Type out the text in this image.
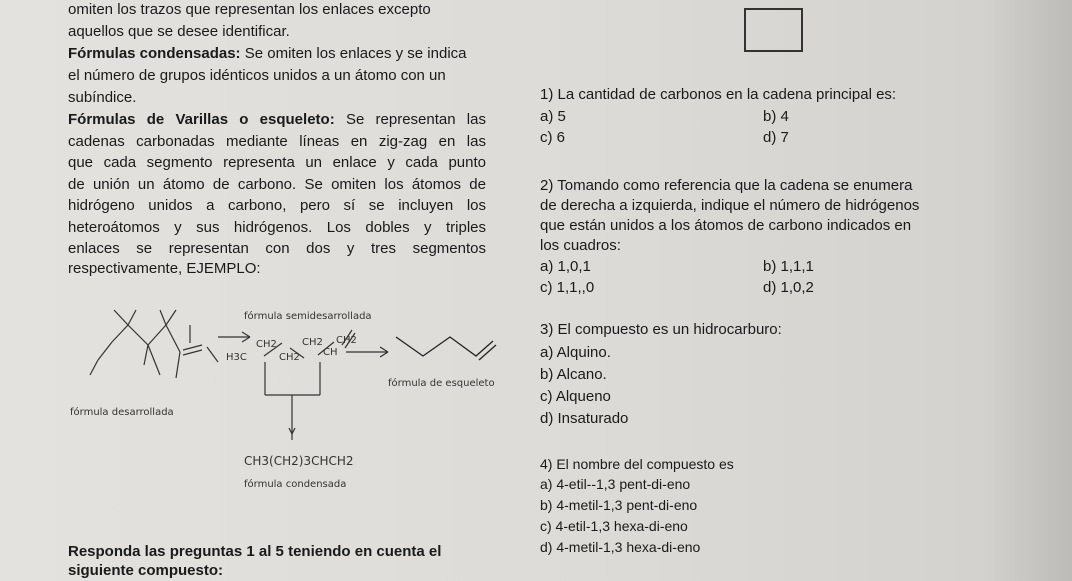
omiten los trazos que representan los enlaces excepto
aquellos que se desee identificar.
Fórmulas condensadas: Se omiten los enlaces y se indica
el número de grupos idénticos unidos a un átomo con un
subíndice.
Fórmulas de Varillas o esqueleto: Se representan las
cadenas carbonadas mediante líneas en zig-zag en las
que cada segmento representa un enlace y cada punto
de unión un átomo de carbono. Se omiten los átomos de
hidrógeno unidos a carbono, pero sí se incluyen los
heteroátomos y sus hidrógenos. Los dobles y triples
enlaces se representan con dos y tres segmentos
respectivamente, EJEMPLO:
fórmula semidesarrollada
CH2	CH2 CH2
H3C	CH2 CH
fórmula de esqueleto
fórmula desarrollada
CH3(CH2)3CHCH2
fórmula condensada
Responda las preguntas 1 al 5 teniendo en cuenta el
siguiente compuesto:
1) La cantidad de carbonos en la cadena principal es:
a) 5	b) 4
c) 6	d) 7
2) Tomando como referencia que la cadena se enumera
de derecha a izquierda, indique el número de hidrógenos
que están unidos a los átomos de carbono indicados en
los cuadros:
a) 1,0,1	b) 1,1,1
c) 1,1,,0	d) 1,0,2
3) El compuesto es un hidrocarburo:
a) Alquino.
b) Alcano.
c) Alqueno
d) Insaturado
4) El nombre del compuesto es
a) 4-etil--1,3 pent-di-eno
b) 4-metil-1,3 pent-di-eno
c) 4-etil-1,3 hexa-di-eno
d) 4-metil-1,3 hexa-di-eno
